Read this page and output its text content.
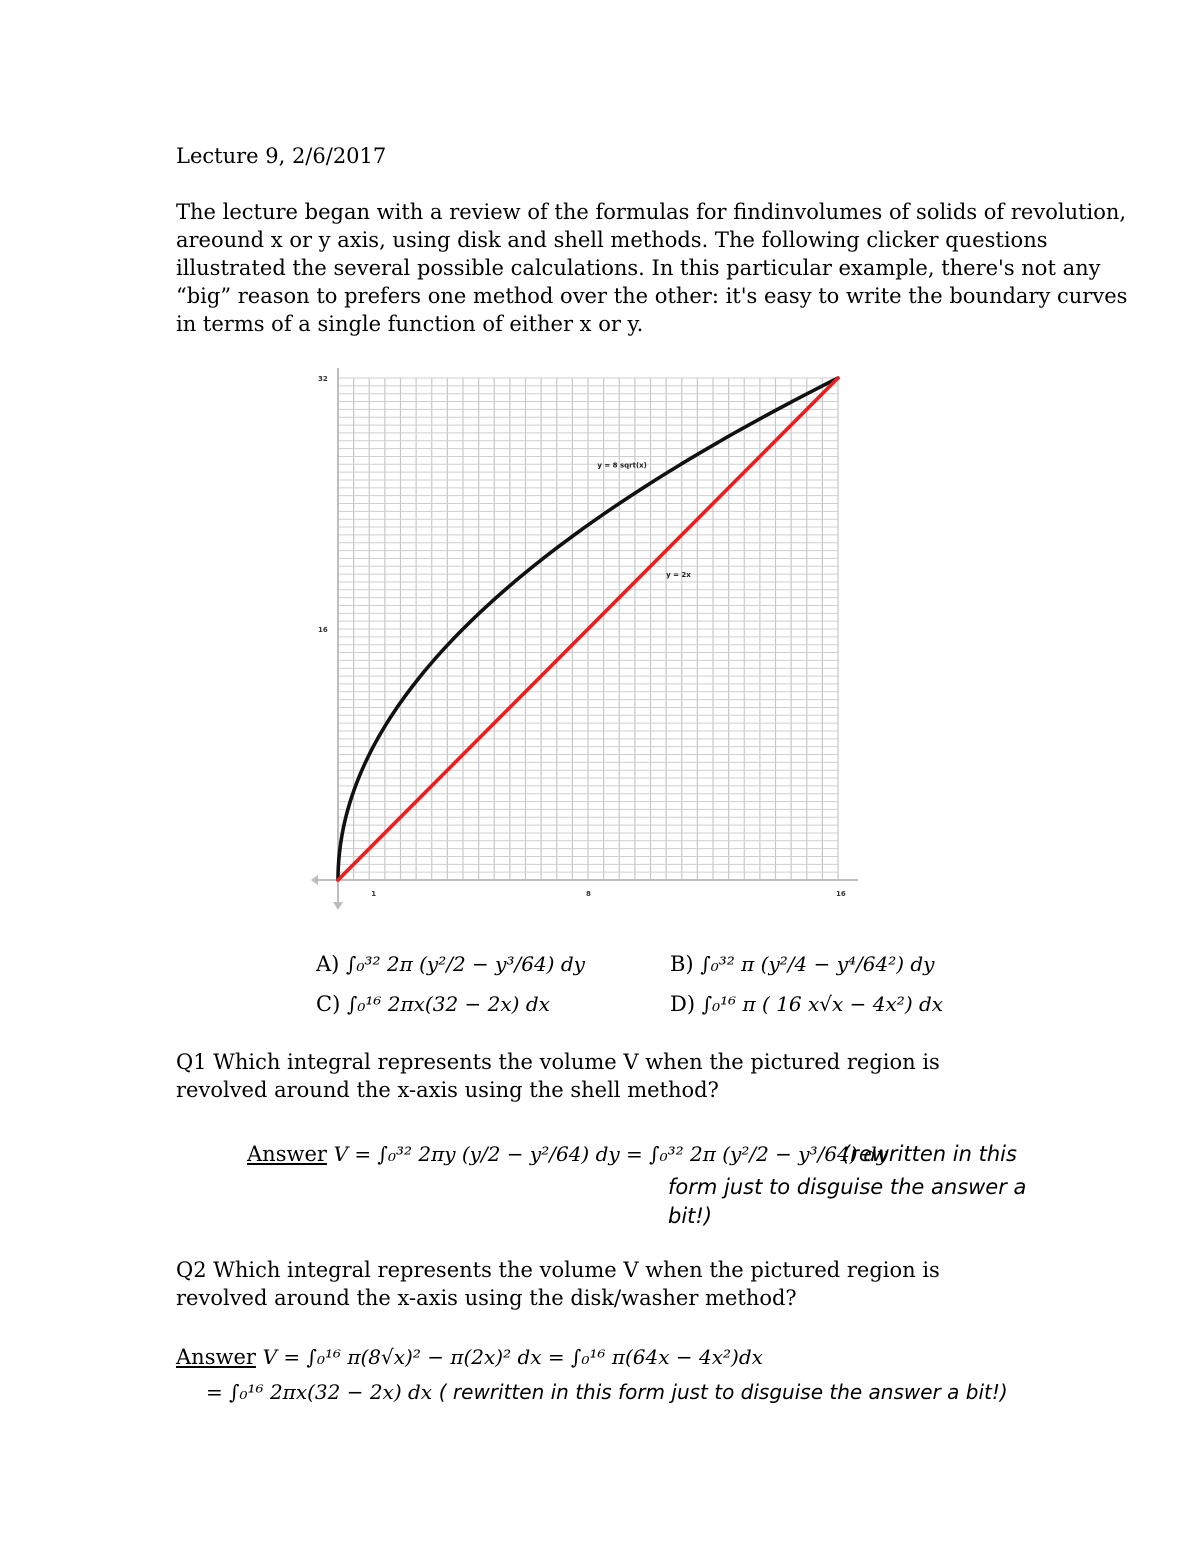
Lecture 9, 2/6/2017
The lecture began with a review of the formulas for findinvolumes of solids of revolution,
areound x or y axis, using disk and shell methods. The following clicker questions
illustrated the several possible calculations. In this particular example, there's not any
“big” reason to prefers one method over the other: it's easy to write the boundary curves
in terms of a single function of either x or y.
1	8	16
16
32
y = 8 sqrt(x)
y = 2x
A) ∫₀³² 2π (y²/2 − y³/64) dy	B) ∫₀³² π (y²/4 − y⁴/64²) dy
C) ∫₀¹⁶ 2πx(32 − 2x) dx	D) ∫₀¹⁶ π ( 16 x√x − 4x²) dx
Q1 Which integral represents the volume V when the pictured region is
revolved around the x-axis using the shell method?
Answer V = ∫₀³² 2πy (y/2 − y²/64) dy = ∫₀³² 2π (y²/2 − y³/64) dy
(rewritten in this
form just to disguise the answer a
bit!)
Q2 Which integral represents the volume V when the pictured region is
revolved around the x-axis using the disk/washer method?
Answer V = ∫₀¹⁶ π(8√x)² − π(2x)² dx = ∫₀¹⁶ π(64x − 4x²)dx
= ∫₀¹⁶ 2πx(32 − 2x) dx ( rewritten in this form just to disguise the answer a bit!)
